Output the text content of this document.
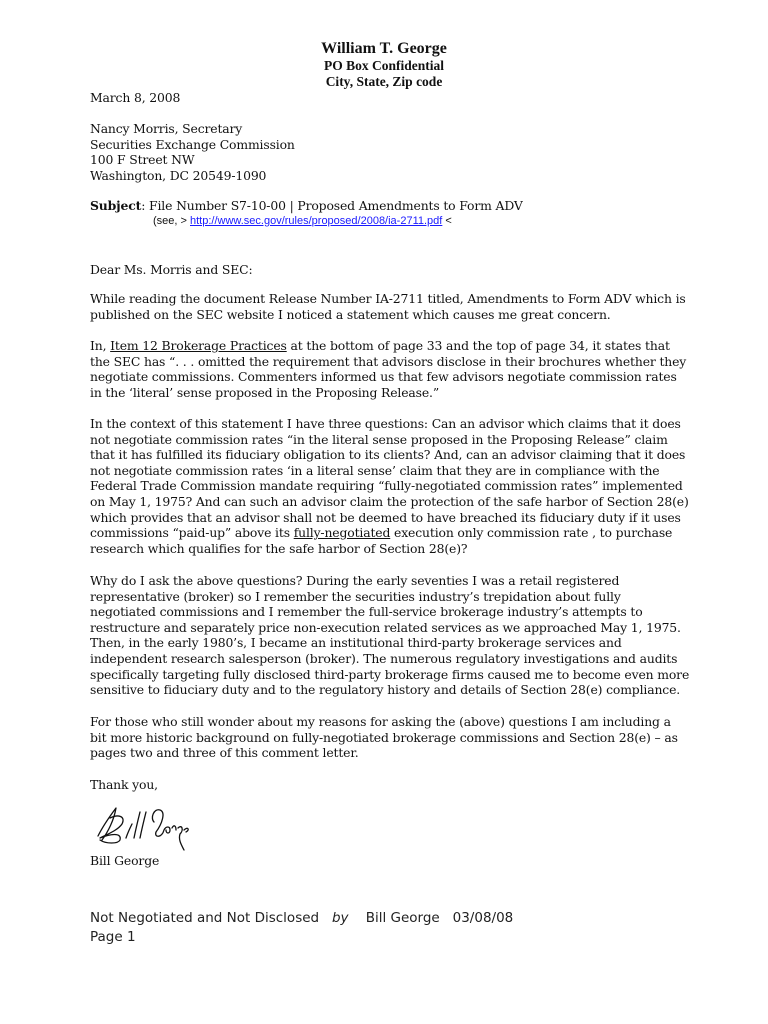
William T. George
PO Box Confidential
City, State, Zip code
March 8, 2008
Nancy Morris, Secretary
Securities Exchange Commission
100 F Street NW
Washington, DC 20549-1090
Subject: File Number S7-10-00 | Proposed Amendments to Form ADV
(see, > http://www.sec.gov/rules/proposed/2008/ia-2711.pdf <
Dear Ms. Morris and SEC:
While reading the document Release Number IA-2711 titled, Amendments to Form ADV which is published on the SEC website I noticed a statement which causes me great concern.
In, Item 12 Brokerage Practices at the bottom of page 33 and the top of page 34, it states that the SEC has “. . . omitted the requirement that advisors disclose in their brochures whether they negotiate commissions. Commenters informed us that few advisors negotiate commission rates in the ‘literal’ sense proposed in the Proposing Release.”
In the context of this statement I have three questions: Can an advisor which claims that it does not negotiate commission rates “in the literal sense proposed in the Proposing Release” claim that it has fulfilled its fiduciary obligation to its clients? And, can an advisor claiming that it does not negotiate commission rates ‘in a literal sense’ claim that they are in compliance with the Federal Trade Commission mandate requiring “fully-negotiated commission rates” implemented on May 1, 1975? And can such an advisor claim the protection of the safe harbor of Section 28(e) which provides that an advisor shall not be deemed to have breached its fiduciary duty if it uses commissions “paid-up” above its fully-negotiated execution only commission rate , to purchase research which qualifies for the safe harbor of Section 28(e)?
Why do I ask the above questions? During the early seventies I was a retail registered representative (broker) so I remember the securities industry’s trepidation about fully negotiated commissions and I remember the full-service brokerage industry’s attempts to restructure and separately price non-execution related services as we approached May 1, 1975. Then, in the early 1980’s, I became an institutional third-party brokerage services and independent research salesperson (broker). The numerous regulatory investigations and audits specifically targeting fully disclosed third-party brokerage firms caused me to become even more sensitive to fiduciary duty and to the regulatory history and details of Section 28(e) compliance.
For those who still wonder about my reasons for asking the (above) questions I am including a bit more historic background on fully-negotiated brokerage commissions and Section 28(e) – as pages two and three of this comment letter.
Thank you,
Bill George
Not Negotiated and Not Disclosed by Bill George 03/08/08
Page 1
